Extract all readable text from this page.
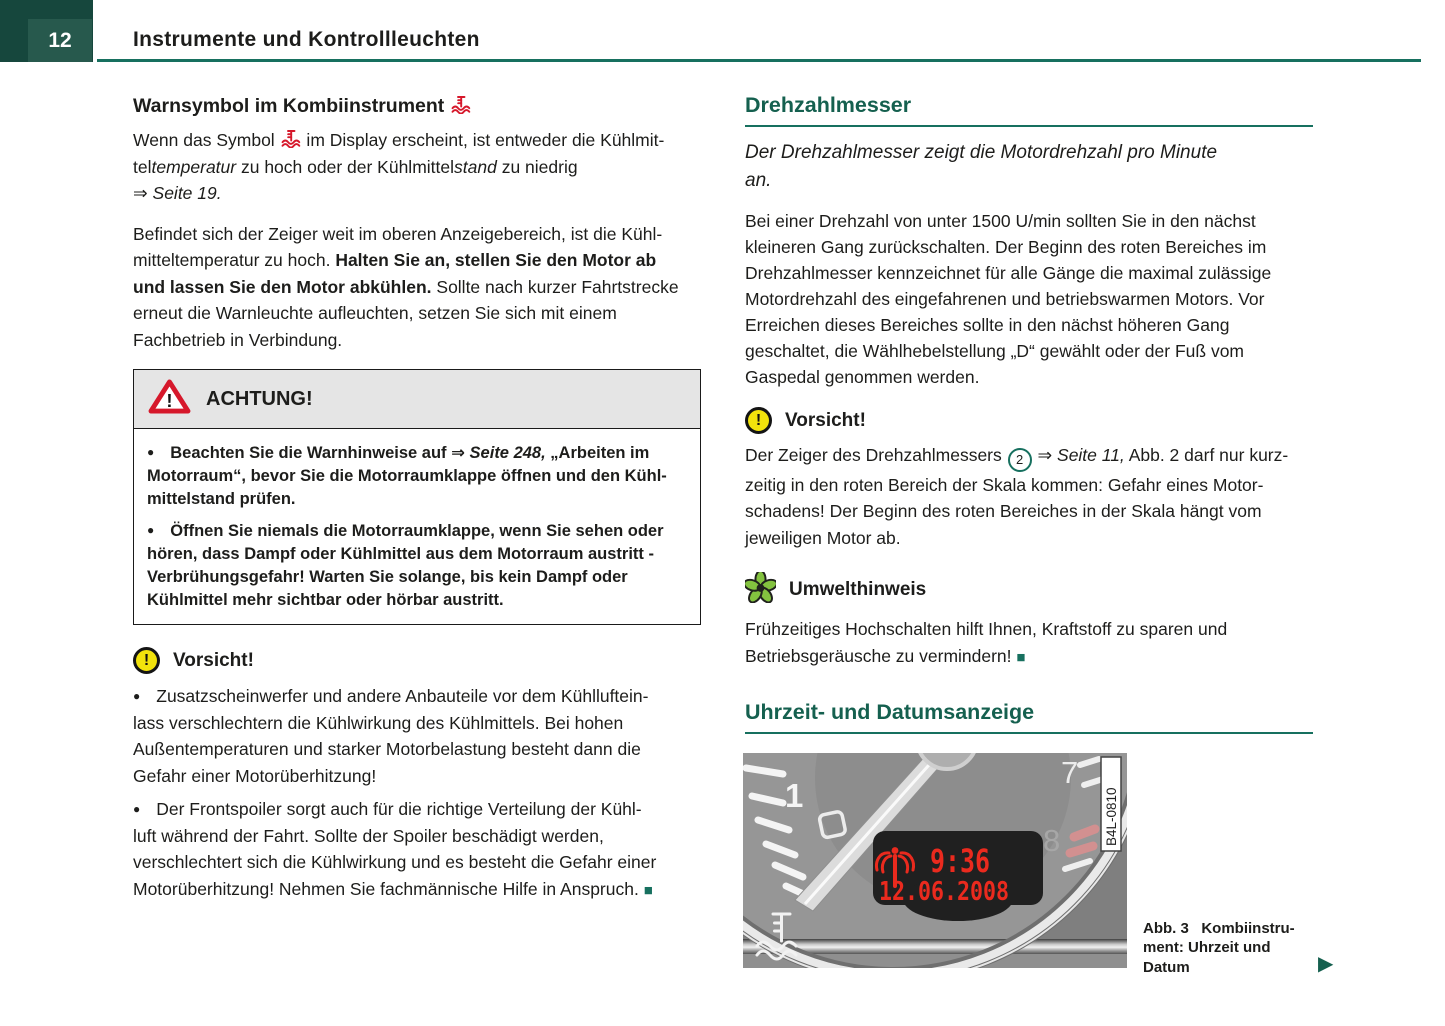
12	Instrumente und Kontrollleuchten
Warnsymbol im Kombiinstrument

Wenn das Symbol  im Display erscheint, ist entweder die Kühlmit-
teltemperatur zu hoch oder der Kühlmittelstand zu niedrig
⇒ Seite 19.

Befindet sich der Zeiger weit im oberen Anzeigebereich, ist die Kühl-
mitteltemperatur zu hoch. Halten Sie an, stellen Sie den Motor ab
und lassen Sie den Motor abkühlen. Sollte nach kurzer Fahrtstrecke
erneut die Warnleuchte aufleuchten, setzen Sie sich mit einem
Fachbetrieb in Verbindung.

! ACHTUNG!

● Beachten Sie die Warnhinweise auf ⇒ Seite 248, „Arbeiten im
Motorraum“, bevor Sie die Motorraumklappe öffnen und den Kühl-
mittelstand prüfen.

● Öffnen Sie niemals die Motorraumklappe, wenn Sie sehen oder
hören, dass Dampf oder Kühlmittel aus dem Motorraum austritt -
Verbrühungsgefahr! Warten Sie solange, bis kein Dampf oder
Kühlmittel mehr sichtbar oder hörbar austritt.

! Vorsicht!

● Zusatzscheinwerfer und andere Anbauteile vor dem Kühlluftein-
lass verschlechtern die Kühlwirkung des Kühlmittels. Bei hohen
Außentemperaturen und starker Motorbelastung besteht dann die
Gefahr einer Motorüberhitzung!

● Der Frontspoiler sorgt auch für die richtige Verteilung der Kühl-
luft während der Fahrt. Sollte der Spoiler beschädigt werden,
verschlechtert sich die Kühlwirkung und es besteht die Gefahr einer
Motorüberhitzung! Nehmen Sie fachmännische Hilfe in Anspruch. ■

Drehzahlmesser

Der Drehzahlmesser zeigt die Motordrehzahl pro Minute
an.

Bei einer Drehzahl von unter 1500 U/min sollten Sie in den nächst
kleineren Gang zurückschalten. Der Beginn des roten Bereiches im
Drehzahlmesser kennzeichnet für alle Gänge die maximal zulässige
Motordrehzahl des eingefahrenen und betriebswarmen Motors. Vor
Erreichen dieses Bereiches sollte in den nächst höheren Gang
geschaltet, die Wählhebelstellung „D“ gewählt oder der Fuß vom
Gaspedal genommen werden.

! Vorsicht!

Der Zeiger des Drehzahlmessers 2 ⇒ Seite 11, Abb. 2 darf nur kurz-
zeitig in den roten Bereich der Skala kommen: Gefahr eines Motor-
schadens! Der Beginn des roten Bereiches in der Skala hängt vom
jeweiligen Motor ab.

Umwelthinweis

Frühzeitiges Hochschalten hilft Ihnen, Kraftstoff zu sparen und
Betriebsgeräusche zu vermindern! ■

Uhrzeit- und Datumsanzeige
1
7
8
9:36
12.06.2008
B4L-0810
Abb. 3   Kombiinstru-
ment: Uhrzeit und
Datum	▶
